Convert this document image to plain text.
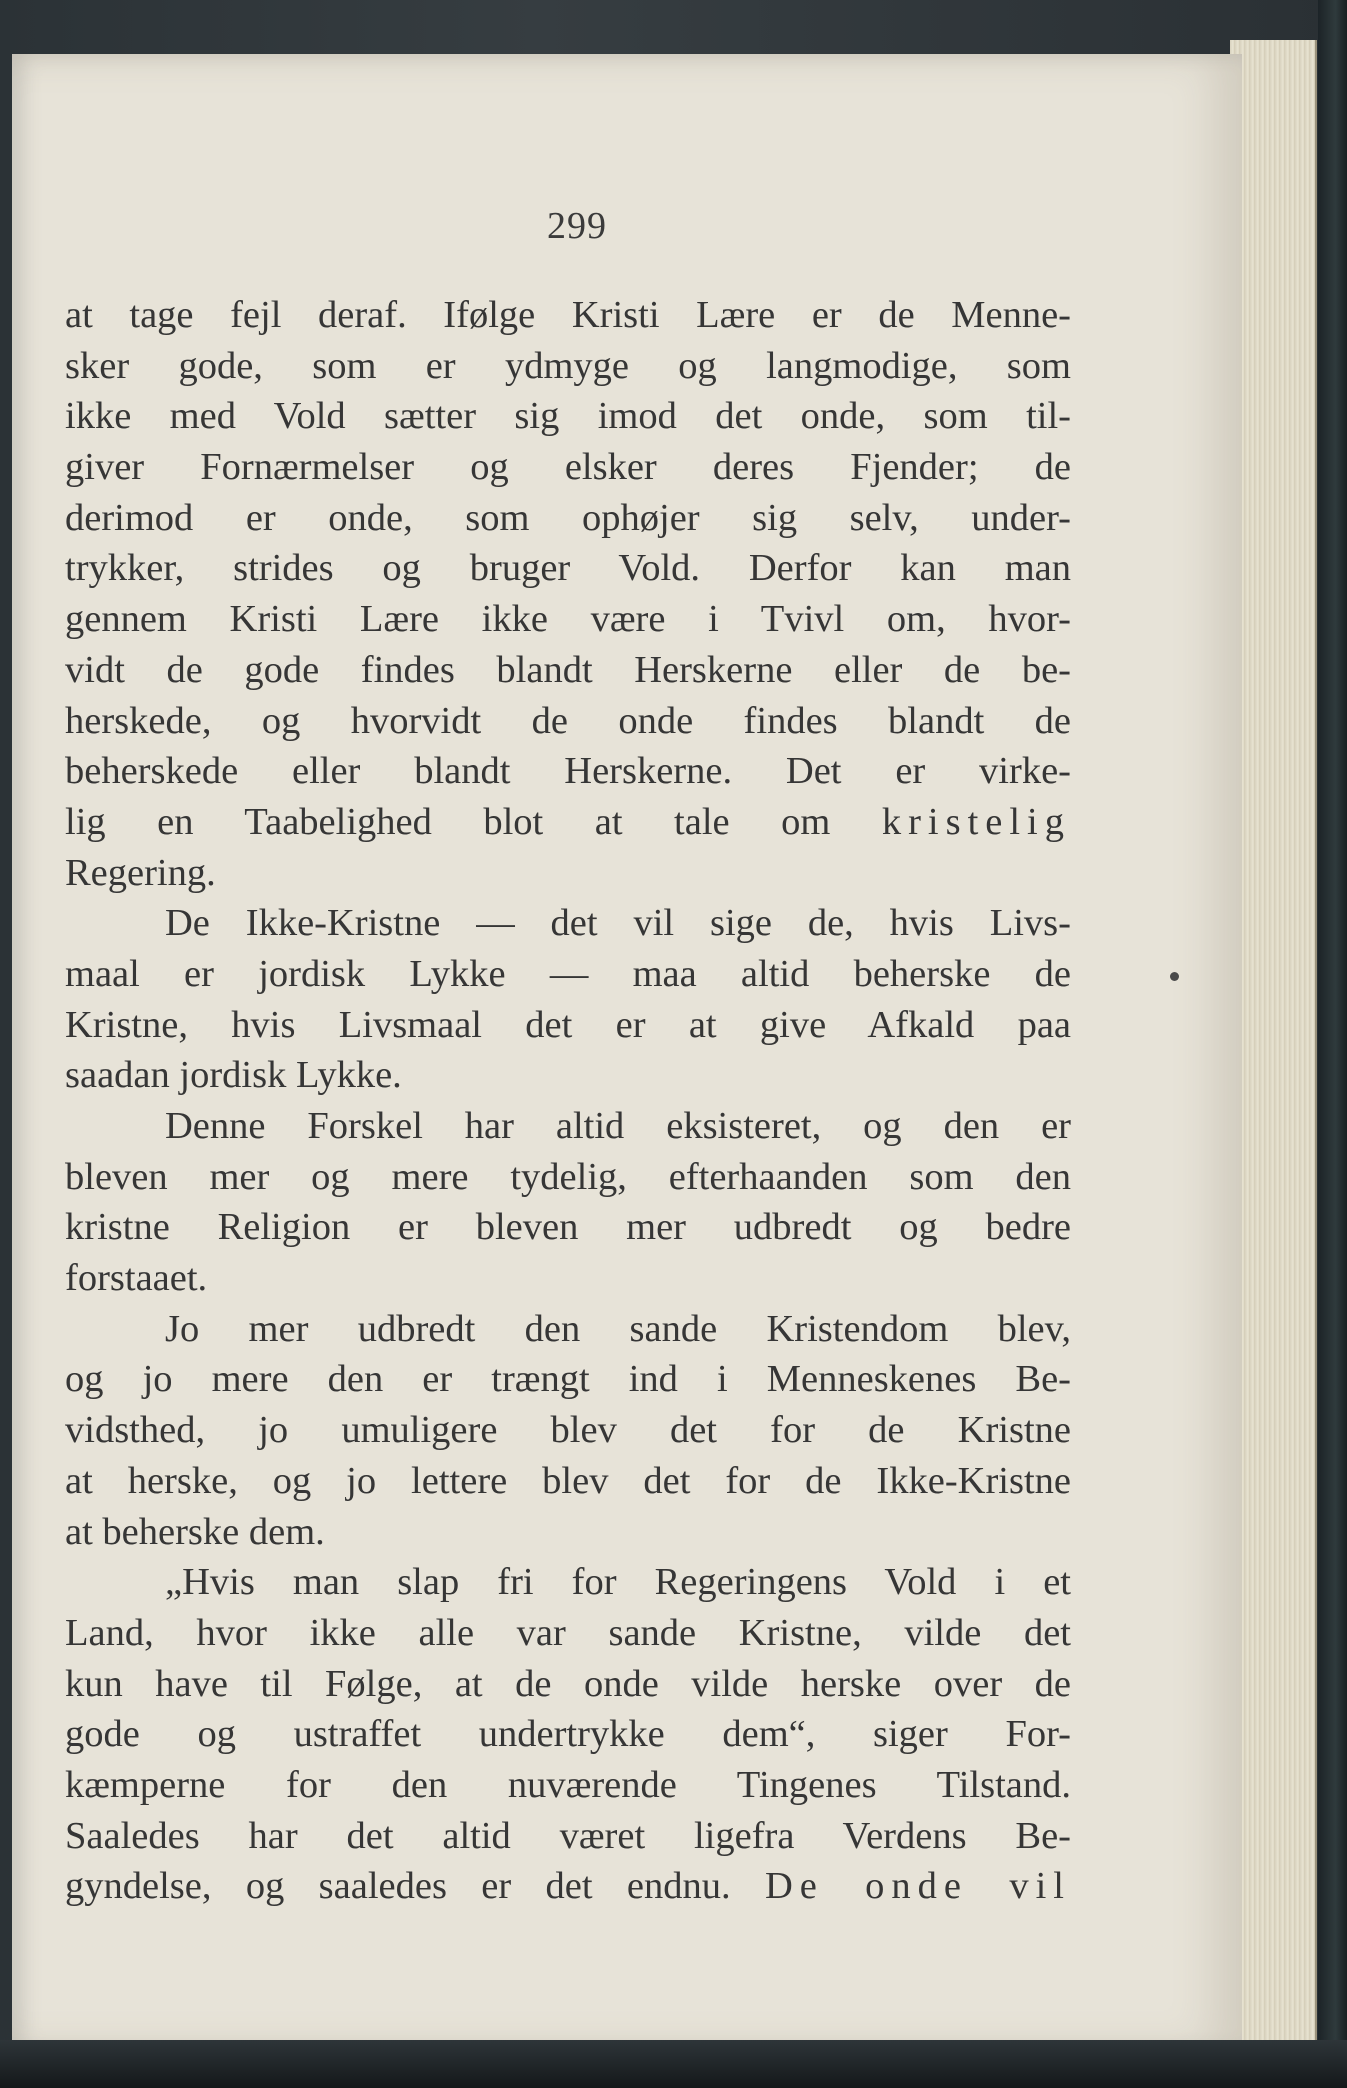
299
at tage fejl deraf. Ifølge Kristi Lære er de Menne-
sker gode, som er ydmyge og langmodige, som
ikke med Vold sætter sig imod det onde, som til-
giver Fornærmelser og elsker deres Fjender; de
derimod er onde, som ophøjer sig selv, under-
trykker, strides og bruger Vold. Derfor kan man
gennem Kristi Lære ikke være i Tvivl om, hvor-
vidt de gode findes blandt Herskerne eller de be-
herskede, og hvorvidt de onde findes blandt de
beherskede eller blandt Herskerne. Det er virke-
lig en Taabelighed blot at tale om kristelig
Regering.
De Ikke-Kristne — det vil sige de, hvis Livs-
maal er jordisk Lykke — maa altid beherske de
Kristne, hvis Livsmaal det er at give Afkald paa
saadan jordisk Lykke.
Denne Forskel har altid eksisteret, og den er
bleven mer og mere tydelig, efterhaanden som den
kristne Religion er bleven mer udbredt og bedre
forstaaet.
Jo mer udbredt den sande Kristendom blev,
og jo mere den er trængt ind i Menneskenes Be-
vidsthed, jo umuligere blev det for de Kristne
at herske, og jo lettere blev det for de Ikke-Kristne
at beherske dem.
„Hvis man slap fri for Regeringens Vold i et
Land, hvor ikke alle var sande Kristne, vilde det
kun have til Følge, at de onde vilde herske over de
gode og ustraffet undertrykke dem“, siger For-
kæmperne for den nuværende Tingenes Tilstand.
Saaledes har det altid været ligefra Verdens Be-
gyndelse, og saaledes er det endnu. De onde vil
